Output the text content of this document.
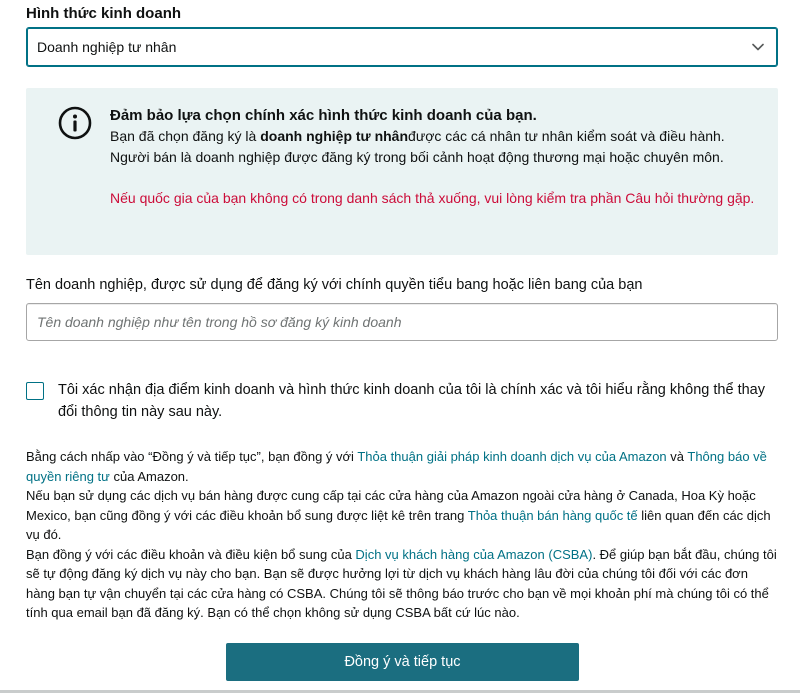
Hình thức kinh doanh
Doanh nghiệp tư nhân
Đảm bảo lựa chọn chính xác hình thức kinh doanh của bạn.
Bạn đã chọn đăng ký là doanh nghiệp tư nhânđược các cá nhân tư nhân kiểm soát và điều hành.
Người bán là doanh nghiệp được đăng ký trong bối cảnh hoạt động thương mại hoặc chuyên môn.
Nếu quốc gia của bạn không có trong danh sách thả xuống, vui lòng kiểm tra phần Câu hỏi thường gặp.
Tên doanh nghiệp, được sử dụng để đăng ký với chính quyền tiểu bang hoặc liên bang của bạn
Tên doanh nghiệp như tên trong hồ sơ đăng ký kinh doanh
Tôi xác nhận địa điểm kinh doanh và hình thức kinh doanh của tôi là chính xác và tôi hiểu rằng không thể thay đổi thông tin này sau này.
Bằng cách nhấp vào “Đồng ý và tiếp tục”, bạn đồng ý với Thỏa thuận giải pháp kinh doanh dịch vụ của Amazon và Thông báo về quyền riêng tư của Amazon.
Nếu bạn sử dụng các dịch vụ bán hàng được cung cấp tại các cửa hàng của Amazon ngoài cửa hàng ở Canada, Hoa Kỳ hoặc Mexico, bạn cũng đồng ý với các điều khoản bổ sung được liệt kê trên trang Thỏa thuận bán hàng quốc tế liên quan đến các dịch vụ đó.
Bạn đồng ý với các điều khoản và điều kiện bổ sung của Dịch vụ khách hàng của Amazon (CSBA). Để giúp bạn bắt đầu, chúng tôi sẽ tự động đăng ký dịch vụ này cho bạn. Bạn sẽ được hưởng lợi từ dịch vụ khách hàng lâu đời của chúng tôi đối với các đơn hàng bạn tự vận chuyển tại các cửa hàng có CSBA. Chúng tôi sẽ thông báo trước cho bạn về mọi khoản phí mà chúng tôi có thể tính qua email bạn đã đăng ký. Bạn có thể chọn không sử dụng CSBA bất cứ lúc nào.
Đồng ý và tiếp tục
